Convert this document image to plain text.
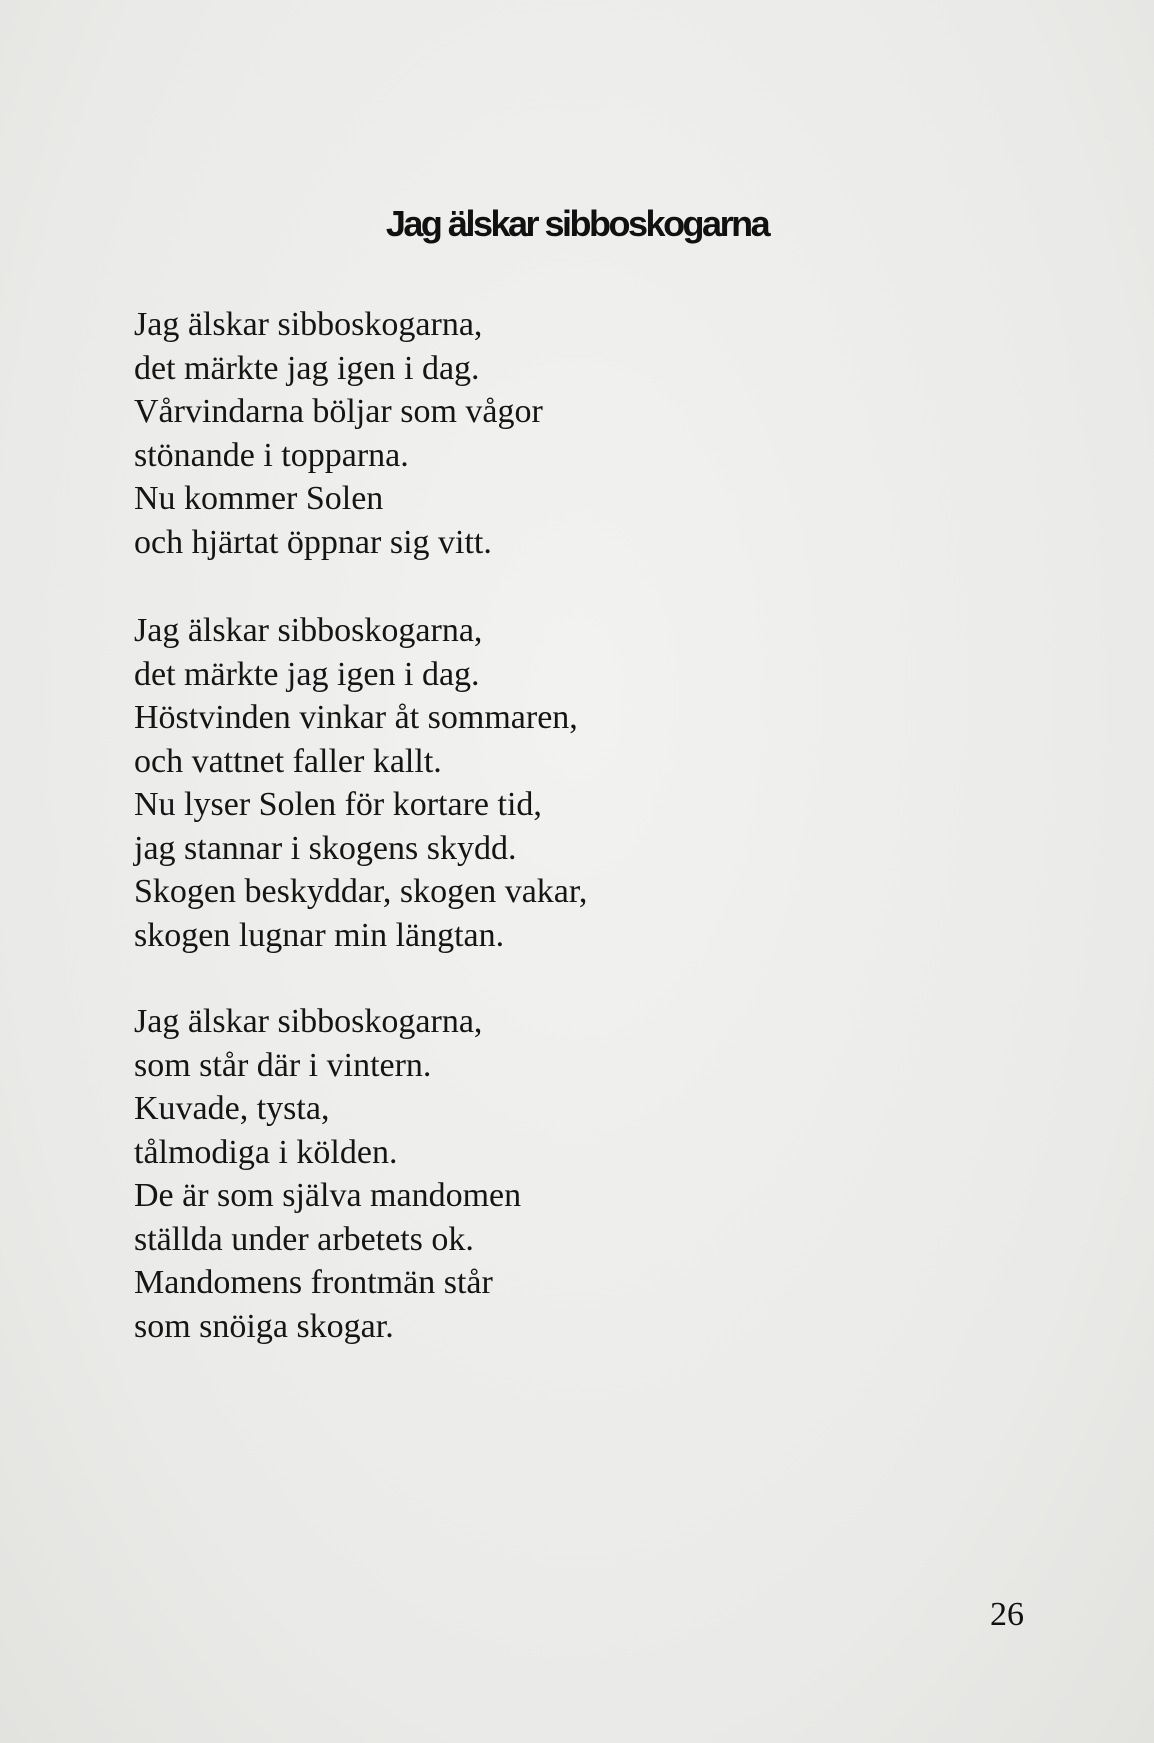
Jag älskar sibboskogarna
Jag älskar sibboskogarna,
det märkte jag igen i dag.
Vårvindarna böljar som vågor
stönande i topparna.
Nu kommer Solen
och hjärtat öppnar sig vitt.
Jag älskar sibboskogarna,
det märkte jag igen i dag.
Höstvinden vinkar åt sommaren,
och vattnet faller kallt.
Nu lyser Solen för kortare tid,
jag stannar i skogens skydd.
Skogen beskyddar, skogen vakar,
skogen lugnar min längtan.
Jag älskar sibboskogarna,
som står där i vintern.
Kuvade, tysta,
tålmodiga i kölden.
De är som själva mandomen
ställda under arbetets ok.
Mandomens frontmän står
som snöiga skogar.
26
